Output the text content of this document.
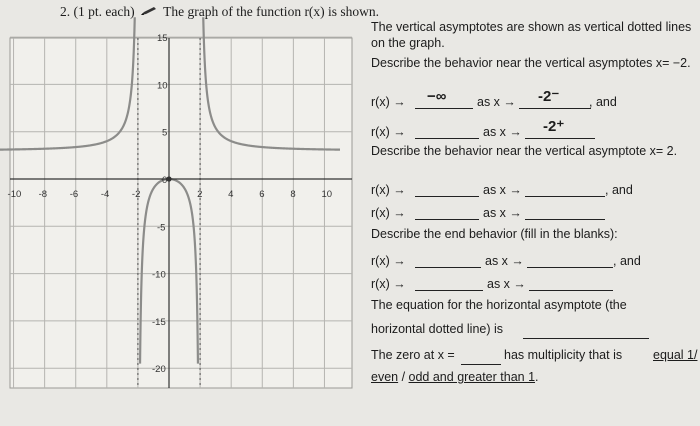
2. (1 pt. each) The graph of the function r(x) is shown.
-10 -8 -6 -4 -2	2	4	6	8	10
15
10
5
0
-5
-10
-15
-20
The vertical asymptotes are shown as vertical dotted lines on the graph.
Describe the behavior near the vertical asymptotes x= −2.
r(x) → −∞ as x → -2⁻ , and
r(x) →	as x → -2⁺
Describe the behavior near the vertical asymptote x= 2.
r(x) →	as x →	, and
r(x) →	as x →
Describe the end behavior (fill in the blanks):
r(x) →	as x →	, and
r(x) →	as x →
The equation for the horizontal asymptote (the
horizontal dotted line) is
The zero at x =	has multiplicity that is equal 1/
even / odd and greater than 1.
